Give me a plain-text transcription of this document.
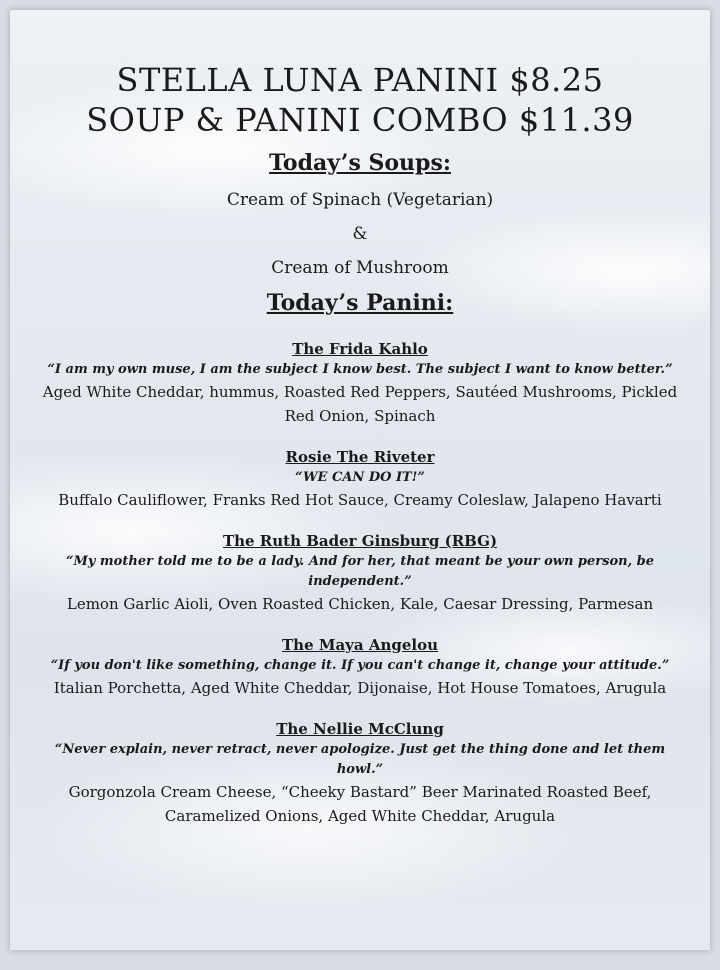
STELLA LUNA PANINI $8.25

SOUP & PANINI COMBO $11.39

Today’s Soups:

Cream of Spinach (Vegetarian)

&

Cream of Mushroom

Today’s Panini:

The Frida Kahlo
“I am my own muse, I am the subject I know best. The subject I want to know better.”
Aged White Cheddar, hummus, Roasted Red Peppers, Sautéed Mushrooms, Pickled Red Onion, Spinach
Rosie The Riveter
“WE CAN DO IT!”
Buffalo Cauliflower, Franks Red Hot Sauce, Creamy Coleslaw, Jalapeno Havarti
The Ruth Bader Ginsburg (RBG)
“My mother told me to be a lady. And for her, that meant be your own person, be independent.”
Lemon Garlic Aioli, Oven Roasted Chicken, Kale, Caesar Dressing, Parmesan
The Maya Angelou
“If you don't like something, change it. If you can't change it, change your attitude.”
Italian Porchetta, Aged White Cheddar, Dijonaise, Hot House Tomatoes, Arugula
The Nellie McClung
“Never explain, never retract, never apologize. Just get the thing done and let them howl.”
Gorgonzola Cream Cheese, “Cheeky Bastard” Beer Marinated Roasted Beef, Caramelized Onions, Aged White Cheddar, Arugula
